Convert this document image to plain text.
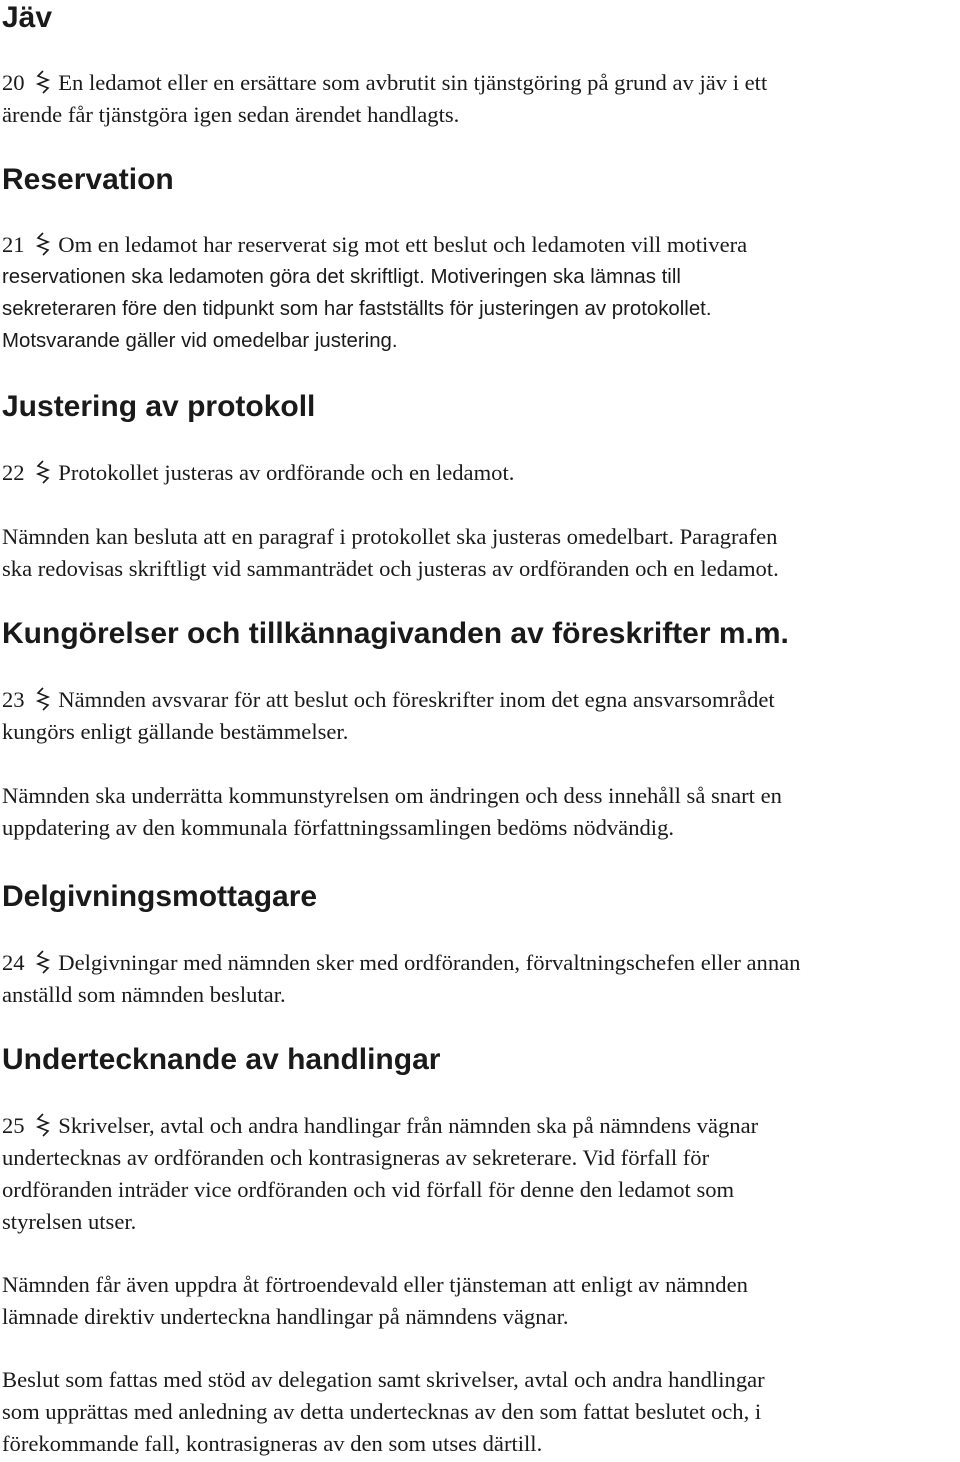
Jäv
20 En ledamot eller en ersättare som avbrutit sin tjänstgöring på grund av jäv i ett
ärende får tjänstgöra igen sedan ärendet handlagts.
Reservation
21 Om en ledamot har reserverat sig mot ett beslut och ledamoten vill motivera
reservationen ska ledamoten göra det skriftligt. Motiveringen ska lämnas till
sekreteraren före den tidpunkt som har fastställts för justeringen av protokollet.
Motsvarande gäller vid omedelbar justering.
Justering av protokoll
22 Protokollet justeras av ordförande och en ledamot.
Nämnden kan besluta att en paragraf i protokollet ska justeras omedelbart. Paragrafen
ska redovisas skriftligt vid sammanträdet och justeras av ordföranden och en ledamot.
Kungörelser och tillkännagivanden av föreskrifter m.m.
23 Nämnden avsvarar för att beslut och föreskrifter inom det egna ansvarsområdet
kungörs enligt gällande bestämmelser.
Nämnden ska underrätta kommunstyrelsen om ändringen och dess innehåll så snart en
uppdatering av den kommunala författningssamlingen bedöms nödvändig.
Delgivningsmottagare
24 Delgivningar med nämnden sker med ordföranden, förvaltningschefen eller annan
anställd som nämnden beslutar.
Undertecknande av handlingar
25 Skrivelser, avtal och andra handlingar från nämnden ska på nämndens vägnar
undertecknas av ordföranden och kontrasigneras av sekreterare. Vid förfall för
ordföranden inträder vice ordföranden och vid förfall för denne den ledamot som
styrelsen utser.
Nämnden får även uppdra åt förtroendevald eller tjänsteman att enligt av nämnden
lämnade direktiv underteckna handlingar på nämndens vägnar.
Beslut som fattas med stöd av delegation samt skrivelser, avtal och andra handlingar
som upprättas med anledning av detta undertecknas av den som fattat beslutet och, i
förekommande fall, kontrasigneras av den som utses därtill.
